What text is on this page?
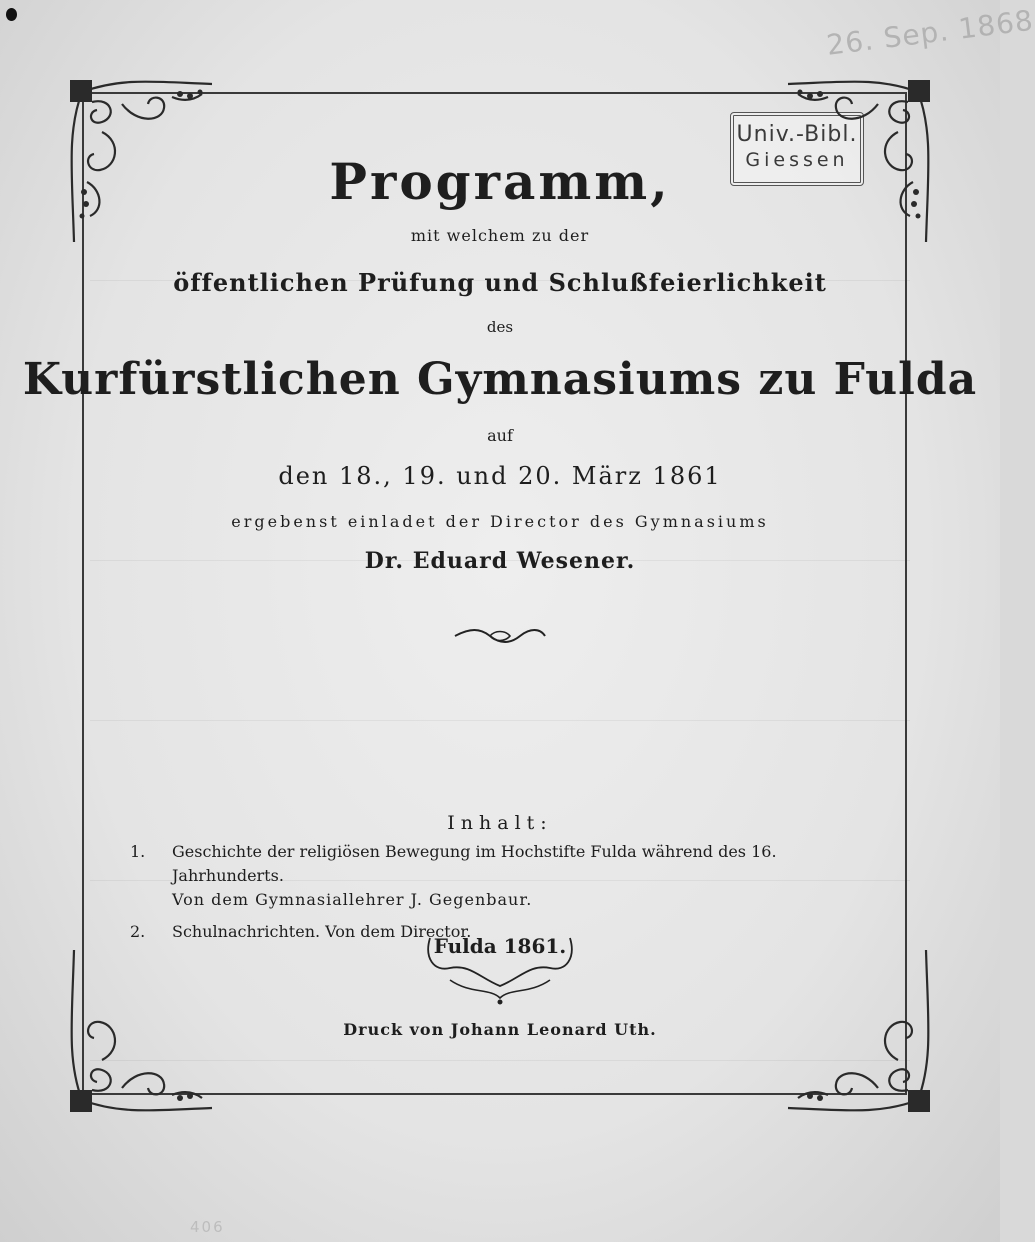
26. Sep. 1868
Univ.-Bibl.
Giessen
Programm,
mit welchem zu der
öffentlichen Prüfung und Schlußfeierlichkeit
des
Kurfürstlichen Gymnasiums zu Fulda
auf
den 18., 19. und 20. März 1861
ergebenst einladet der Director des Gymnasiums
Dr. Eduard Wesener.
Inhalt:
1. Geschichte der religiösen Bewegung im Hochstifte Fulda während des 16. Jahrhunderts.
Von dem Gymnasiallehrer J. Gegenbaur.
2. Schulnachrichten. Von dem Director.
Fulda 1861.
Druck von Johann Leonard Uth.
406
